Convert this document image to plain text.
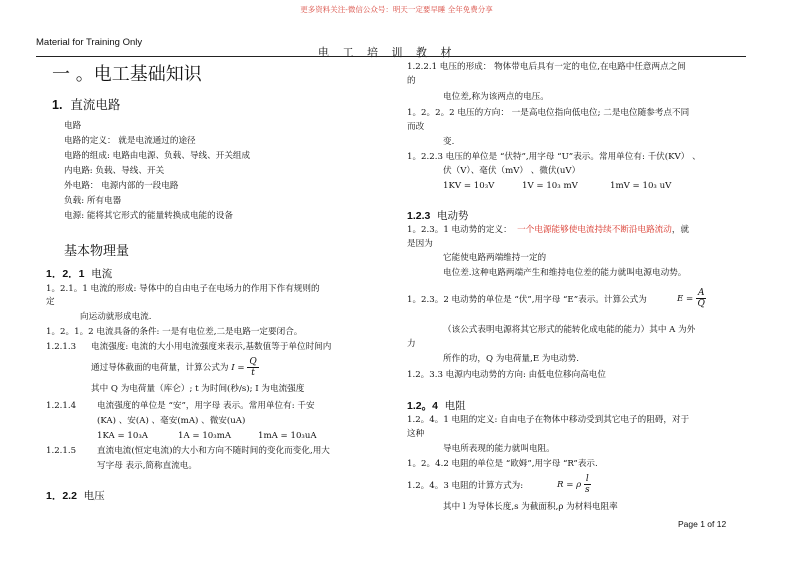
更多资料关注-微信公众号：明天一定要早睡 全年免费分享
Material for Training Only
电 工 培 训 教 材
一 。电工基础知识
1. 直流电路
电路
电路的定义： 就是电流通过的途径
电路的组成: 电路由电源、负载、导线、开关组成
内电路: 负载、导线、开关
外电路： 电源内部的一段电路
负载: 所有电器
电源: 能将其它形式的能量转换成电能的设备
基本物理量
1．2．1 电流
1。2.1。1 电流的形成: 导体中的自由电子在电场力的作用下作有规则的
定
向运动就形成电流.
1。2。1。2 电流具备的条件: 一是有电位差,二是电路一定要闭合。
1.2.1.3 电流强度: 电流的大小用电流强度来表示,基数值等于单位时间内
通过导体截面的电荷量，计算公式为 $I = \frac{Q}{t}$
其中 Q 为电荷量（库仑）; t 为时间(秒/s); I 为电流强度
1.2.1.4 电流强度的单位是 “安”，用字母 表示。常用单位有: 千安
(KA) 、安(A) 、毫安(mA) 、微安(uA)
1KA = 10₃A	1A = 10₃mA	1mA = 10₃uA
1.2.1.5 直流电流(恒定电流)的大小和方向不随时间的变化而变化,用大
写字母 表示,简称直流电。
1．2.2 电压
1.2.2.1 电压的形成： 物体带电后具有一定的电位,在电路中任意两点之间
的
电位差,称为该两点的电压。
1。2。2。2 电压的方向： 一是高电位指向低电位; 二是电位随参考点不同
而改
变.
1。2.2.3 电压的单位是 “伏特”,用字母 “U”表示。常用单位有: 千伏(KV） 、
伏（V）、毫伏（mV） 、微伏(uV）
1KV = 10₃V	1V = 10₃ mV	1mV = 10₃ uV
1.2.3 电动势
1。2.3。1 电动势的定义： 一个电源能够使电流持续不断沿电路流动，就
是因为
它能使电路两端维持一定的
电位差.这种电路两端产生和维持电位差的能力就叫电源电动势。
1。2.3。2 电动势的单位是 “伏”,用字母 “E”表示。计算公式为	$E = \frac{A}{Q}$
（该公式表明电源将其它形式的能转化成电能的能力）其中 A 为外
力
所作的功，Q 为电荷量,E 为电动势.
1.2。3.3 电源内电动势的方向: 由低电位移向高电位
1.2。4 电阻
1.2。4。1 电阻的定义: 自由电子在物体中移动受到其它电子的阻碍，对于
这种
导电所表现的能力就叫电阻。
1。2。4.2 电阻的单位是 “欧姆”,用字母 “R”表示.
1.2。4。3 电阻的计算方式为:	R = ρ $\frac{l}{s}$
其中 l 为导体长度,s 为截面积,ρ 为材料电阻率
Page 1 of 12
